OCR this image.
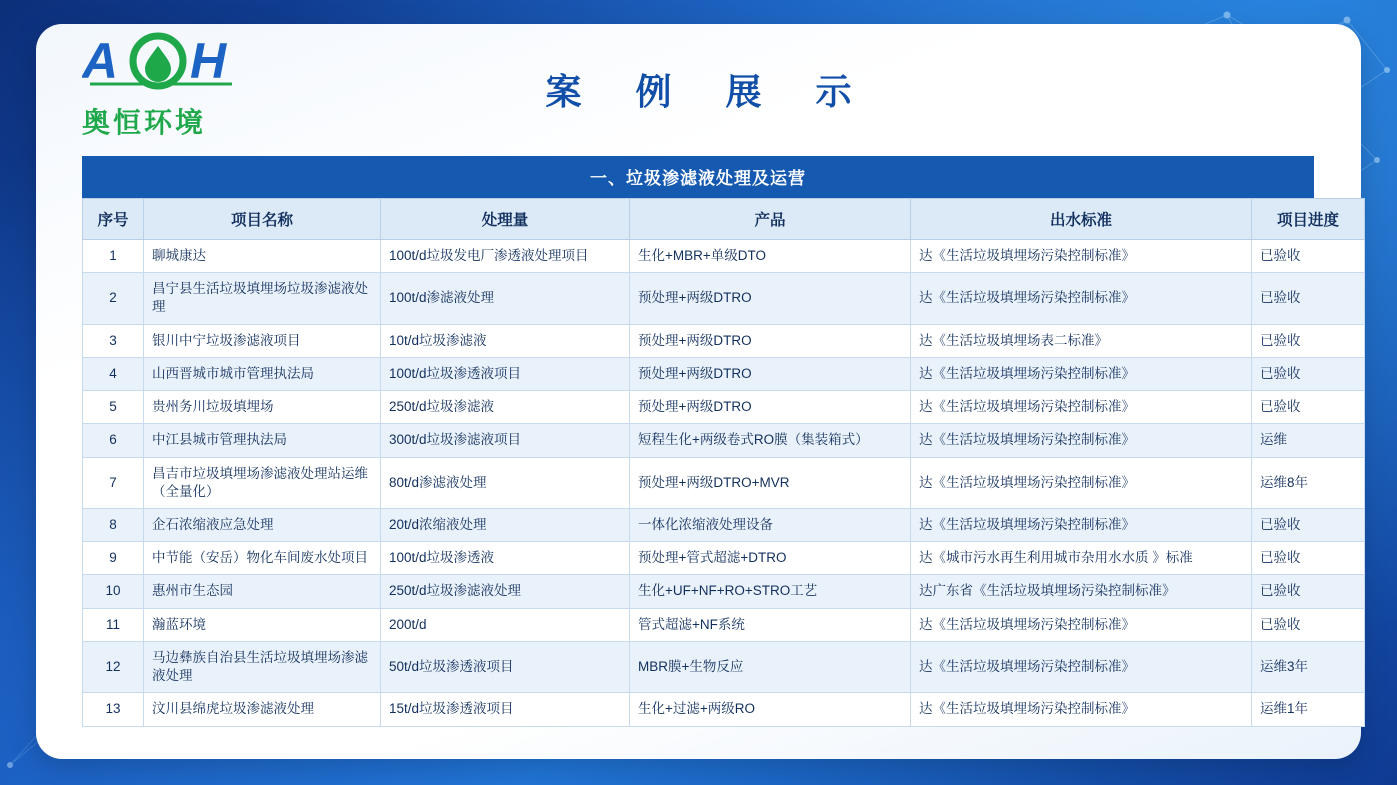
A H
奥恒环境
案 例 展 示
一、垃圾渗滤液处理及运营
序号	项目名称	处理量	产品	出水标准	项目进度
1	聊城康达	100t/d垃圾发电厂渗透液处理项目	生化+MBR+单级DTO	达《生活垃圾填埋场污染控制标准》	已验收
2	昌宁县生活垃圾填埋场垃圾渗滤液处理	100t/d渗滤液处理	预处理+两级DTRO	达《生活垃圾填埋场污染控制标准》	已验收
3	银川中宁垃圾渗滤液项目	10t/d垃圾渗滤液	预处理+两级DTRO	达《生活垃圾填埋场表二标准》	已验收
4	山西晋城市城市管理执法局	100t/d垃圾渗透液项目	预处理+两级DTRO	达《生活垃圾填埋场污染控制标准》	已验收
5	贵州务川垃圾填埋场	250t/d垃圾渗滤液	预处理+两级DTRO	达《生活垃圾填埋场污染控制标准》	已验收
6	中江县城市管理执法局	300t/d垃圾渗滤液项目	短程生化+两级卷式RO膜（集装箱式）	达《生活垃圾填埋场污染控制标准》	运维
7	昌吉市垃圾填埋场渗滤液处理站运维（全量化）	80t/d渗滤液处理	预处理+两级DTRO+MVR	达《生活垃圾填埋场污染控制标准》	运维8年
8	企石浓缩液应急处理	20t/d浓缩液处理	一体化浓缩液处理设备	达《生活垃圾填埋场污染控制标准》	已验收
9	中节能（安岳）物化车间废水处项目	100t/d垃圾渗透液	预处理+管式超滤+DTRO	达《城市污水再生利用城市杂用水水质 》标准	已验收
10	惠州市生态园	250t/d垃圾渗滤液处理	生化+UF+NF+RO+STRO工艺	达广东省《生活垃圾填埋场污染控制标准》	已验收
11	瀚蓝环境	200t/d	管式超滤+NF系统	达《生活垃圾填埋场污染控制标准》	已验收
12	马边彝族自治县生活垃圾填埋场渗滤液处理	50t/d垃圾渗透液项目	MBR膜+生物反应	达《生活垃圾填埋场污染控制标准》	运维3年
13	汶川县绵虎垃圾渗滤液处理	15t/d垃圾渗透液项目	生化+过滤+两级RO	达《生活垃圾填埋场污染控制标准》	运维1年
